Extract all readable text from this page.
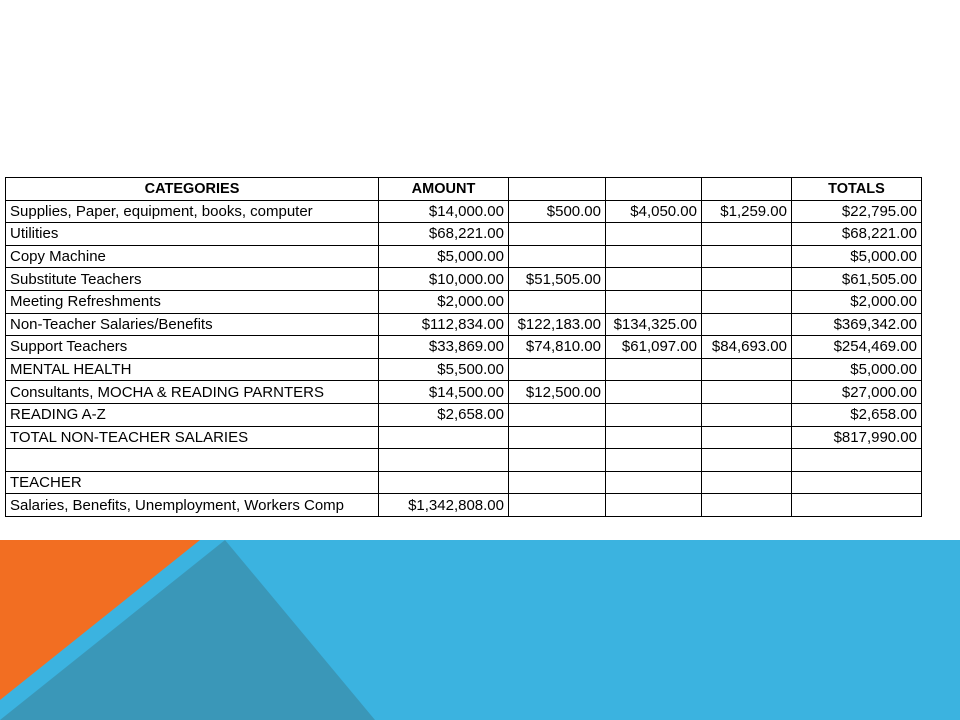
CATEGORIES	AMOUNT				TOTALS
Supplies, Paper, equipment, books, computer	$14,000.00	$500.00	$4,050.00	$1,259.00	$22,795.00
Utilities	$68,221.00				$68,221.00
Copy Machine	$5,000.00				$5,000.00
Substitute Teachers	$10,000.00	$51,505.00			$61,505.00
Meeting Refreshments	$2,000.00				$2,000.00
Non-Teacher Salaries/Benefits	$112,834.00	$122,183.00	$134,325.00		$369,342.00
Support Teachers	$33,869.00	$74,810.00	$61,097.00	$84,693.00	$254,469.00
MENTAL HEALTH	$5,500.00				$5,000.00
Consultants, MOCHA & READING PARNTERS	$14,500.00	$12,500.00			$27,000.00
READING A-Z	$2,658.00				$2,658.00
TOTAL NON-TEACHER SALARIES					$817,990.00

TEACHER					
Salaries, Benefits, Unemployment, Workers Comp	$1,342,808.00				
